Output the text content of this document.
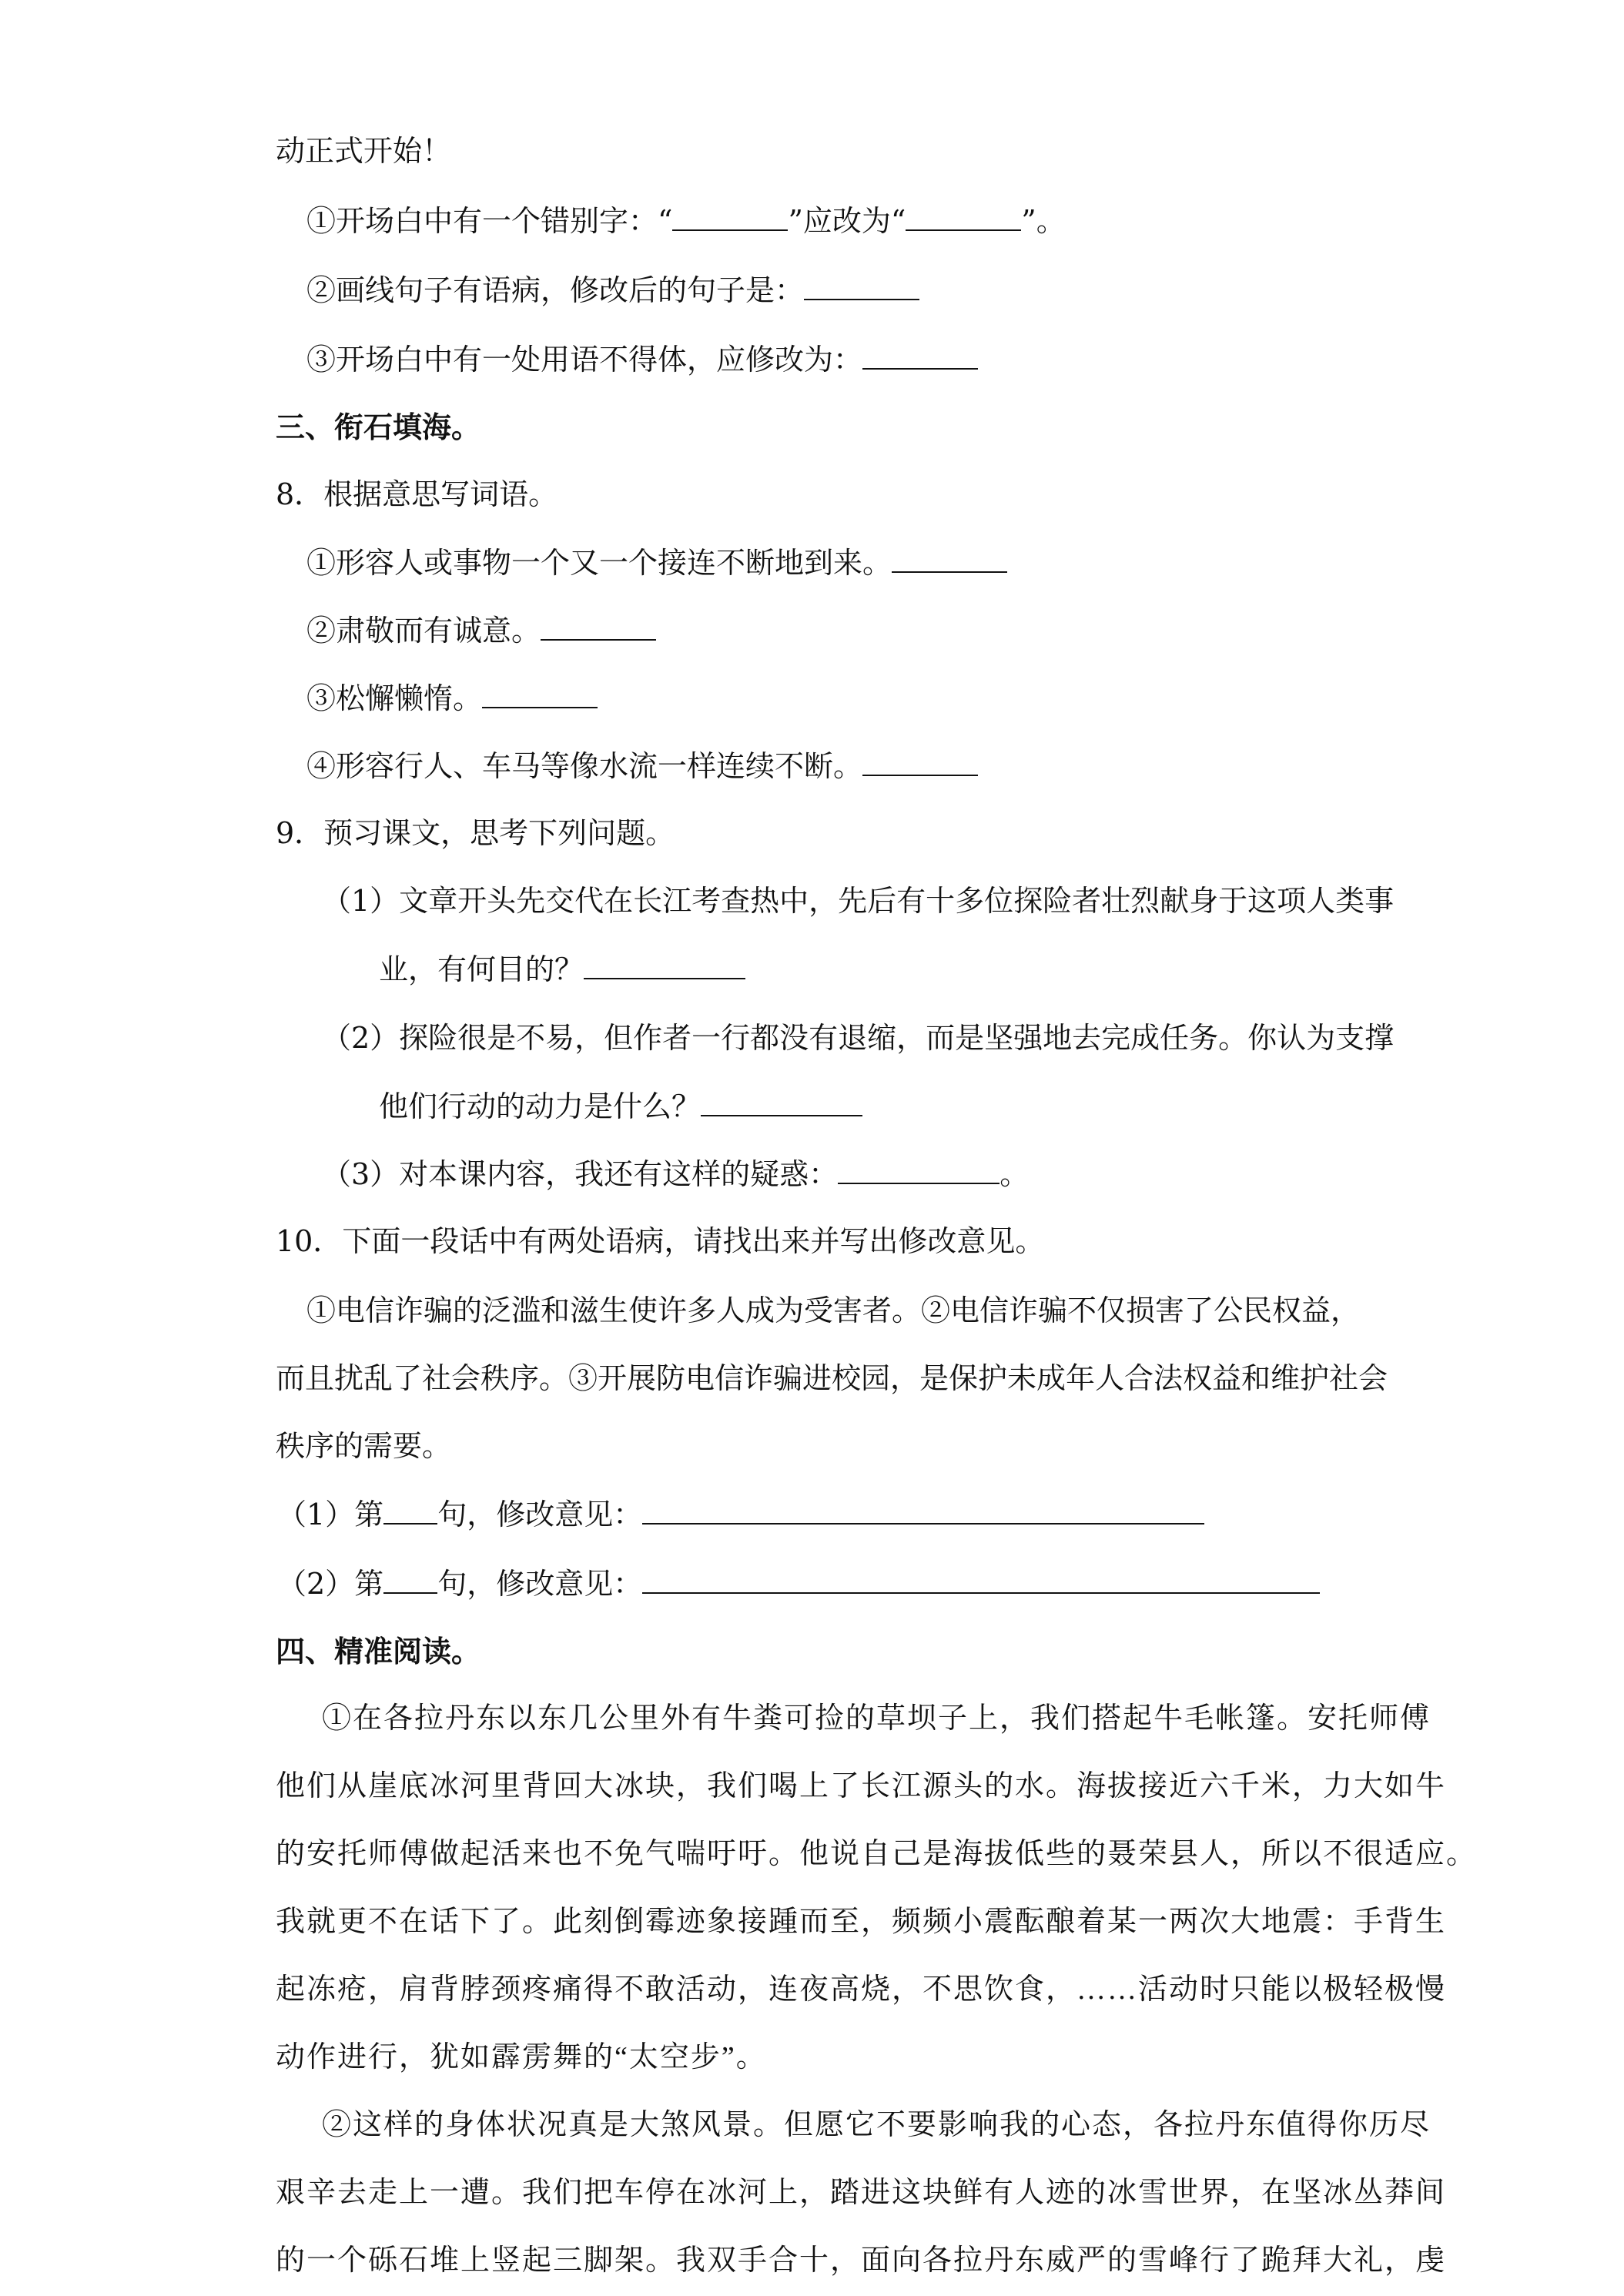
动正式开始！
①开场白中有一个错别字：“	”应改为“	”。
②画线句子有语病，修改后的句子是：
③开场白中有一处用语不得体，应修改为：
三、衔石填海。
8．根据意思写词语。
①形容人或事物一个又一个接连不断地到来。
②肃敬而有诚意。
③松懈懒惰。
④形容行人、车马等像水流一样连续不断。
9．预习课文，思考下列问题。
（1）文章开头先交代在长江考查热中，先后有十多位探险者壮烈献身于这项人类事
业，有何目的？
（2）探险很是不易，但作者一行都没有退缩，而是坚强地去完成任务。你认为支撑
他们行动的动力是什么？
（3）对本课内容，我还有这样的疑惑：	。
10．下面一段话中有两处语病，请找出来并写出修改意见。
①电信诈骗的泛滥和滋生使许多人成为受害者。②电信诈骗不仅损害了公民权益，
而且扰乱了社会秩序。③开展防电信诈骗进校园，是保护未成年人合法权益和维护社会
秩序的需要。
（1）第 句，修改意见：
（2）第 句，修改意见：
四、精准阅读。
①在各拉丹东以东几公里外有牛粪可捡的草坝子上，我们搭起牛毛帐篷。安托师傅
他们从崖底冰河里背回大冰块，我们喝上了长江源头的水。海拔接近六千米，力大如牛
的安托师傅做起活来也不免气喘吁吁。他说自己是海拔低些的聂荣县人，所以不很适应。
我就更不在话下了。此刻倒霉迹象接踵而至，频频小震酝酿着某一两次大地震：手背生
起冻疮，肩背脖颈疼痛得不敢活动，连夜高烧，不思饮食，……活动时只能以极轻极慢
动作进行，犹如霹雳舞的“太空步”。
②这样的身体状况真是大煞风景。但愿它不要影响我的心态，各拉丹东值得你历尽
艰辛去走上一遭。我们把车停在冰河上，踏进这块鲜有人迹的冰雪世界，在坚冰丛莽间
的一个砾石堆上竖起三脚架。我双手合十，面向各拉丹东威严的雪峰行了跪拜大礼，虔
